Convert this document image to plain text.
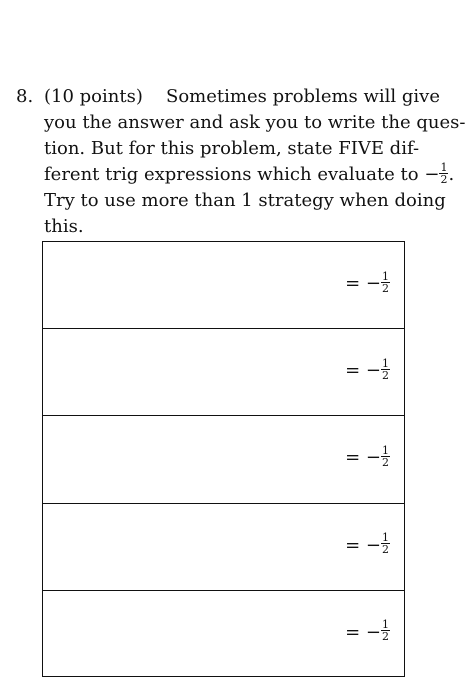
8. (10 points) Sometimes problems will give
you the answer and ask you to write the ques-
tion. But for this problem, state FIVE dif-
ferent trig expressions which evaluate to − $\frac{1}{2}$ .
Try to use more than 1 strategy when doing
this.
= − $\frac{1}{2}$
= − $\frac{1}{2}$
= − $\frac{1}{2}$
= − $\frac{1}{2}$
= − $\frac{1}{2}$
